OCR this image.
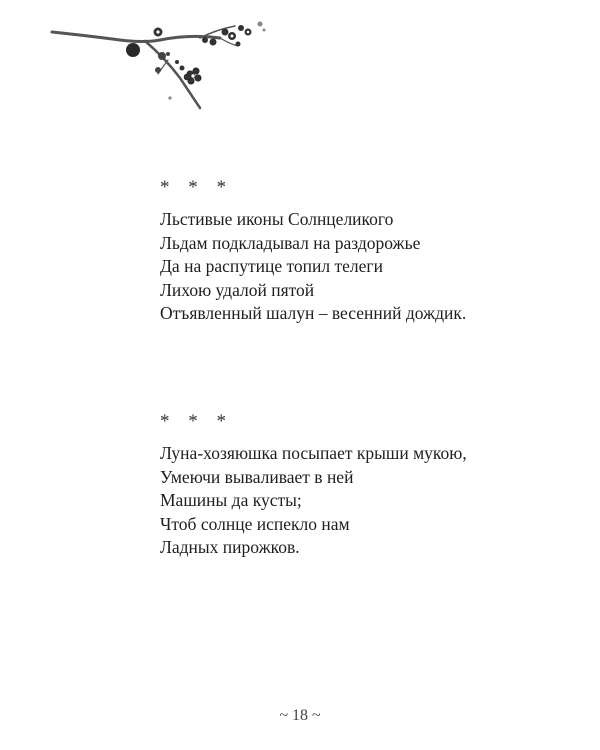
* * *
Льстивые иконы Солнцеликого
Льдам подкладывал на раздорожье
Да на распутице топил телеги
Лихою удалой пятой
Отъявленный шалун – весенний дождик.
* * *
Луна-хозяюшка посыпает крыши мукою,
Умеючи вываливает в ней
Машины да кусты;
Чтоб солнце испекло нам
Ладных пирожков.
~ 18 ~
